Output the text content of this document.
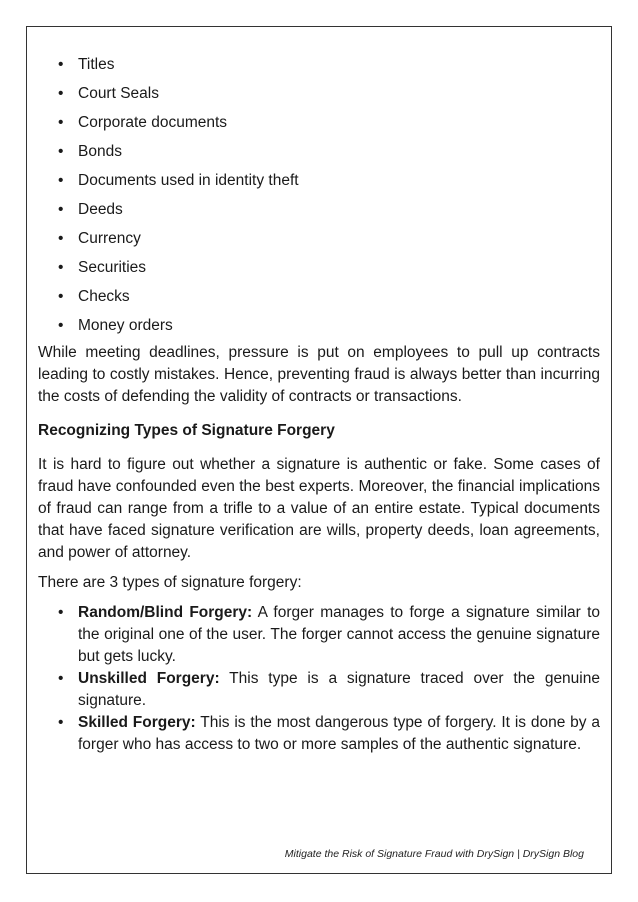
• Titles
• Court Seals
• Corporate documents
• Bonds
• Documents used in identity theft
• Deeds
• Currency
• Securities
• Checks
• Money orders

While meeting deadlines, pressure is put on employees to pull up contracts leading to costly mistakes. Hence, preventing fraud is always better than incurring the costs of defending the validity of contracts or transactions.

Recognizing Types of Signature Forgery

It is hard to figure out whether a signature is authentic or fake. Some cases of fraud have confounded even the best experts. Moreover, the financial implications of fraud can range from a trifle to a value of an entire estate. Typical documents that have faced signature verification are wills, property deeds, loan agreements, and power of attorney.

There are 3 types of signature forgery:

• Random/Blind Forgery: A forger manages to forge a signature similar to the original one of the user. The forger cannot access the genuine signature but gets lucky.
• Unskilled Forgery: This type is a signature traced over the genuine signature.
• Skilled Forgery: This is the most dangerous type of forgery. It is done by a forger who has access to two or more samples of the authentic signature.
Mitigate the Risk of Signature Fraud with DrySign | DrySign Blog
